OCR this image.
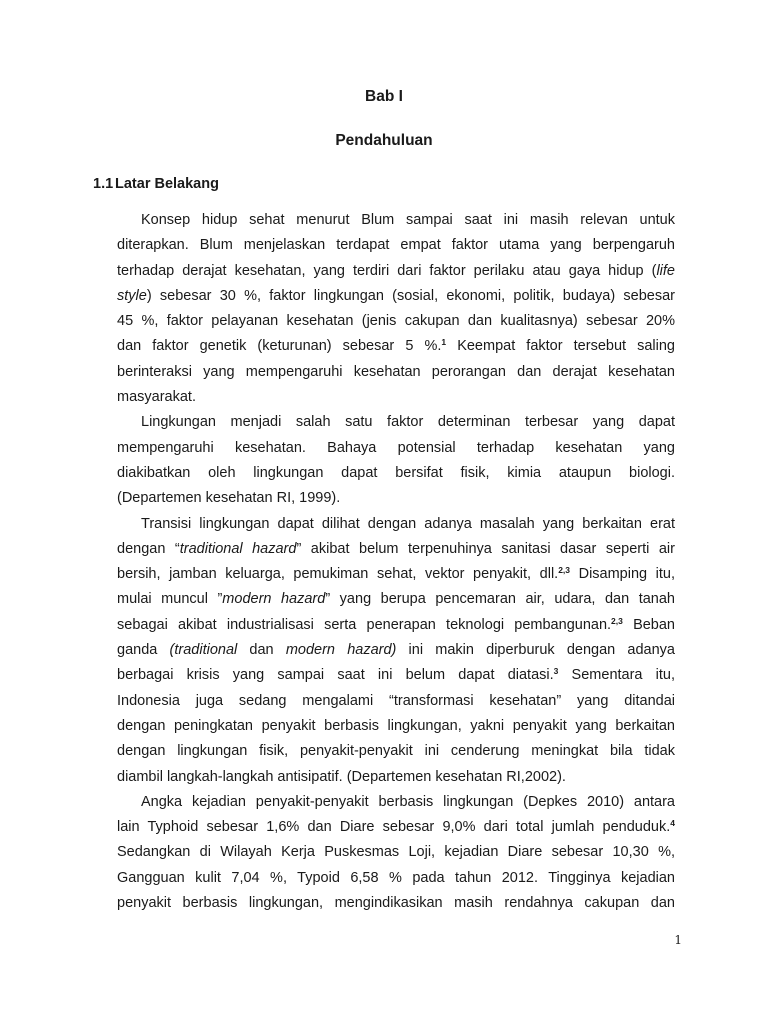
Bab I
Pendahuluan
1.1 Latar Belakang
Konsep hidup sehat menurut Blum sampai saat ini masih relevan untuk
diterapkan. Blum menjelaskan terdapat empat faktor utama yang berpengaruh
terhadap derajat kesehatan, yang terdiri dari faktor perilaku atau gaya hidup (life
style) sebesar 30 %, faktor lingkungan (sosial, ekonomi, politik, budaya) sebesar
45 %, faktor pelayanan kesehatan (jenis cakupan dan kualitasnya) sebesar 20%
dan faktor genetik (keturunan) sebesar 5 %.$^1$ Keempat faktor tersebut saling
berinteraksi yang mempengaruhi kesehatan perorangan dan derajat kesehatan
masyarakat.
Lingkungan menjadi salah satu faktor determinan terbesar yang dapat
mempengaruhi kesehatan. Bahaya potensial terhadap kesehatan yang
diakibatkan oleh lingkungan dapat bersifat fisik, kimia ataupun biologi.
(Departemen kesehatan RI, 1999).
Transisi lingkungan dapat dilihat dengan adanya masalah yang berkaitan erat
dengan “traditional hazard” akibat belum terpenuhinya sanitasi dasar seperti air
bersih, jamban keluarga, pemukiman sehat, vektor penyakit, dll.$^{2,3}$ Disamping itu,
mulai muncul ”modern hazard” yang berupa pencemaran air, udara, dan tanah
sebagai akibat industrialisasi serta penerapan teknologi pembangunan.$^{2,3}$ Beban
ganda (traditional dan modern hazard) ini makin diperburuk dengan adanya
berbagai krisis yang sampai saat ini belum dapat diatasi.$^3$ Sementara itu,
Indonesia juga sedang mengalami “transformasi kesehatan” yang ditandai
dengan peningkatan penyakit berbasis lingkungan, yakni penyakit yang berkaitan
dengan lingkungan fisik, penyakit-penyakit ini cenderung meningkat bila tidak
diambil langkah-langkah antisipatif. (Departemen kesehatan RI,2002).
Angka kejadian penyakit-penyakit berbasis lingkungan (Depkes 2010) antara
lain Typhoid sebesar 1,6% dan Diare sebesar 9,0% dari total jumlah penduduk.$^4$
Sedangkan di Wilayah Kerja Puskesmas Loji, kejadian Diare sebesar 10,30 %,
Gangguan kulit 7,04 %, Typoid 6,58 % pada tahun 2012. Tingginya kejadian
penyakit berbasis lingkungan, mengindikasikan masih rendahnya cakupan dan
1
